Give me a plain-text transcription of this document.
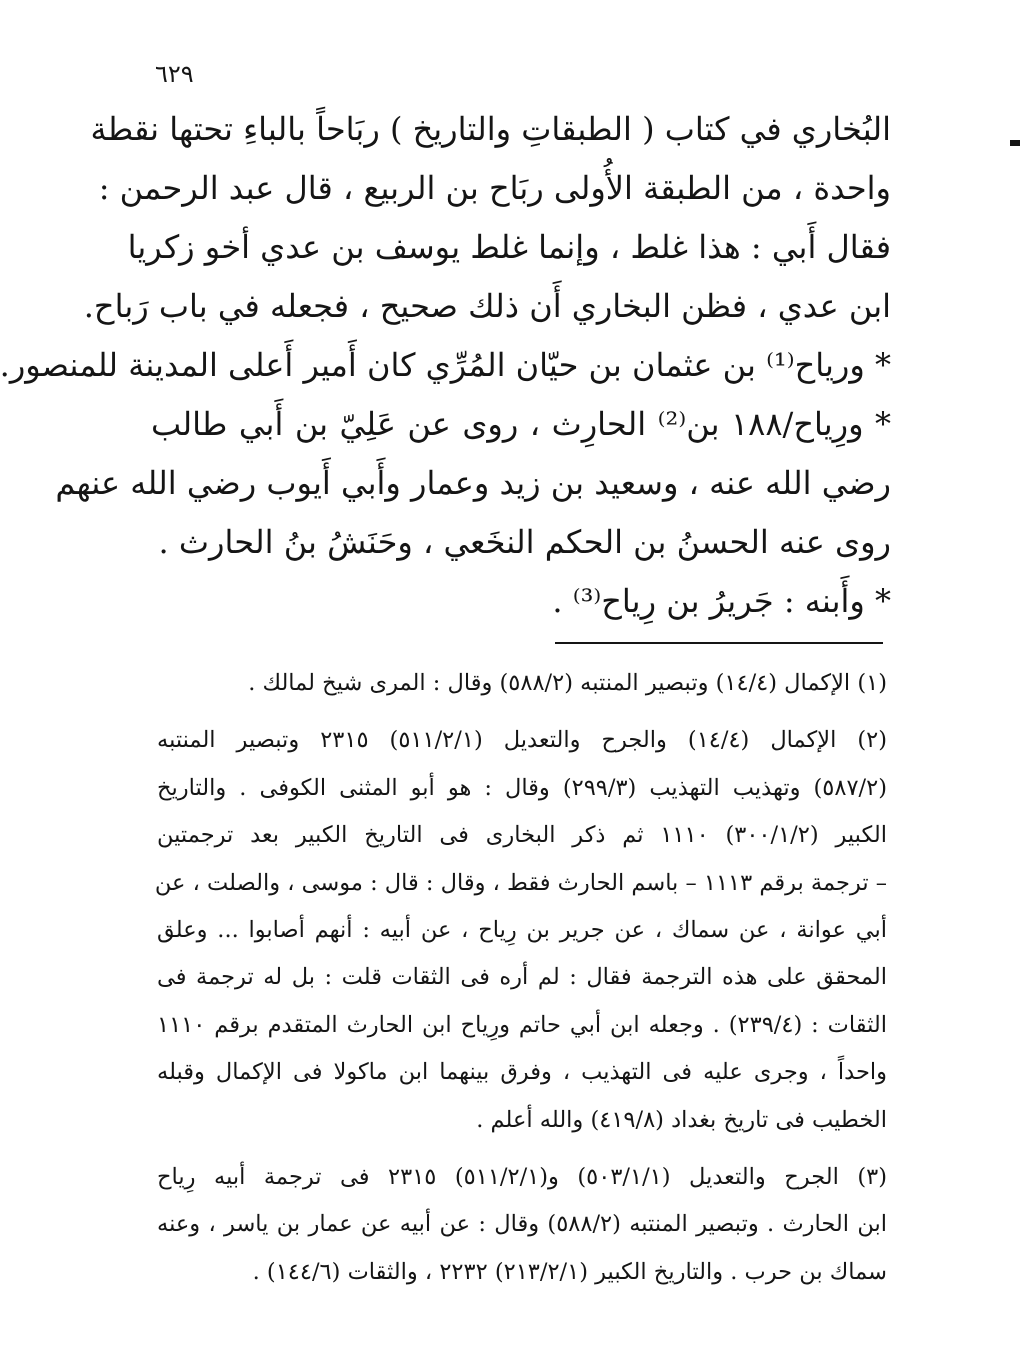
٦٢٩
البُخاري في كتاب ( الطبقاتِ والتاريخ ) ربَاحاً بالباءِ تحتها نقطة
واحدة ، من الطبقة الأُولى ربَاح بن الربيع ، قال عبد الرحمن :
فقال أَبي : هذا غلط ، وإنما غلط يوسف بن عدي أخو زكريا
ابن عدي ، فظن البخاري أَن ذلك صحيح ، فجعله في باب رَباح.
* ورياح⁽¹⁾ بن عثمان بن حيّان المُرِّي كان أَمير أَعلى المدينة للمنصور.
* ورِياح/١٨٨ بن⁽²⁾ الحارِث ، روى عن عَلِيّ بن أَبي طالب
رضي الله عنه ، وسعيد بن زيد وعمار وأَبي أَيوب رضي الله عنهم
روى عنه الحسنُ بن الحكم النخَعي ، وحَنَشُ بنُ الحارث .
* وأَبنه : جَريرُ بن رِياح⁽³⁾ .
(١) الإكمال (١٤/٤) وتبصير المنتبه (٥٨٨/٢) وقال : المرى شيخ لمالك .
(٢) الإكمال (١٤/٤) والجرح والتعديل (٥١١/٢/١) ٢٣١٥ وتبصير المنتبه
(٥٨٧/٢) وتهذيب التهذيب (٢٩٩/٣) وقال : هو أبو المثنى الكوفى . والتاريخ
الكبير (٣٠٠/١/٢) ١١١٠ ثم ذكر البخارى فى التاريخ الكبير بعد ترجمتين
– ترجمة برقم ١١١٣ – باسم الحارث فقط ، وقال : قال : موسى ، والصلت ، عن
أبي عوانة ، عن سماك ، عن جرير بن رِياح ، عن أبيه : أنهم أصابوا ... وعلق
المحقق على هذه الترجمة فقال : لم أره فى الثقات قلت : بل له ترجمة فى
الثقات : (٢٣٩/٤) . وجعله ابن أبي حاتم ورِياح ابن الحارث المتقدم برقم ١١١٠
واحداً ، وجرى عليه فى التهذيب ، وفرق بينهما ابن ماكولا فى الإكمال وقبله
الخطيب فى تاريخ بغداد (٤١٩/٨) والله أعلم .
(٣) الجرح والتعديل (٥٠٣/١/١) و(٥١١/٢/١) ٢٣١٥ فى ترجمة أبيه رِياح
ابن الحارث . وتبصير المنتبه (٥٨٨/٢) وقال : عن أبيه عن عمار بن ياسر ، وعنه
سماك بن حرب . والتاريخ الكبير (٢١٣/٢/١) ٢٢٣٢ ، والثقات (١٤٤/٦) .
